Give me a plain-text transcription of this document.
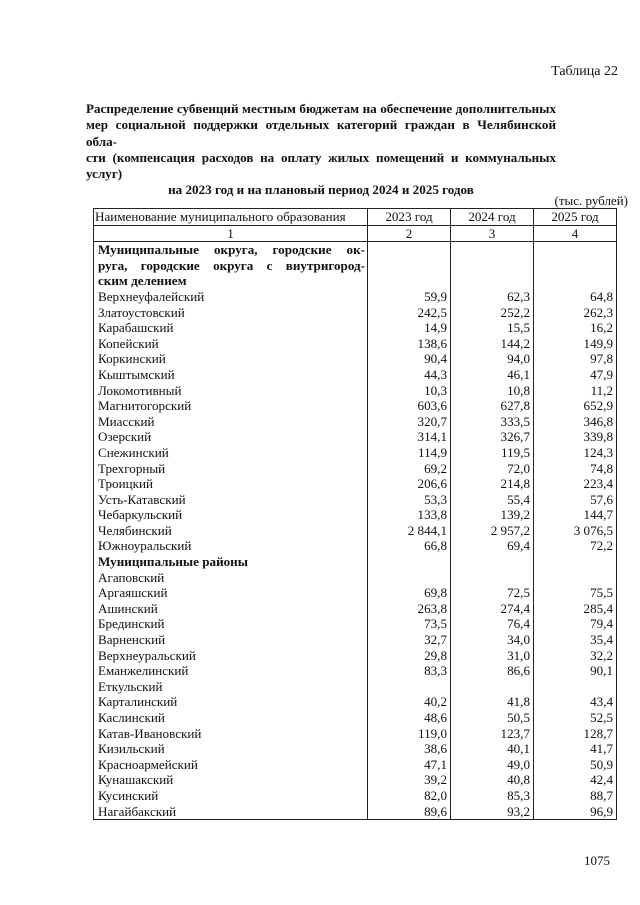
Таблица 22
Распределение субвенций местным бюджетам на обеспечение дополнительных
мер социальной поддержки отдельных категорий граждан в Челябинской обла-
сти (компенсация расходов на оплату жилых помещений и коммунальных услуг)
на 2023 год и на плановый период 2024 и 2025 годов
(тыс. рублей)
Наименование муниципального образования	2023 год	2024 год	2025 год
1	2	3	4

Муниципальные округа, городские ок-
руга, городские округа с внутригород-
ским делением			

Верхнеуфалейский	59,9	62,3	64,8
Златоустовский	242,5	252,2	262,3
Карабашский	14,9	15,5	16,2
Копейский	138,6	144,2	149,9
Коркинский	90,4	94,0	97,8
Кыштымский	44,3	46,1	47,9
Локомотивный	10,3	10,8	11,2
Магнитогорский	603,6	627,8	652,9
Миасский	320,7	333,5	346,8
Озерский	314,1	326,7	339,8
Снежинский	114,9	119,5	124,3
Трехгорный	69,2	72,0	74,8
Троицкий	206,6	214,8	223,4
Усть-Катавский	53,3	55,4	57,6
Чебаркульский	133,8	139,2	144,7
Челябинский	2 844,1	2 957,2	3 076,5
Южноуральский	66,8	69,4	72,2
Муниципальные районы			
Агаповский			
Аргаяшский	69,8	72,5	75,5
Ашинский	263,8	274,4	285,4
Брединский	73,5	76,4	79,4
Варненский	32,7	34,0	35,4
Верхнеуральский	29,8	31,0	32,2
Еманжелинский	83,3	86,6	90,1
Еткульский			
Карталинский	40,2	41,8	43,4
Каслинский	48,6	50,5	52,5
Катав-Ивановский	119,0	123,7	128,7
Кизильский	38,6	40,1	41,7
Красноармейский	47,1	49,0	50,9
Кунашакский	39,2	40,8	42,4
Кусинский	82,0	85,3	88,7
Нагайбакский	89,6	93,2	96,9
1075
